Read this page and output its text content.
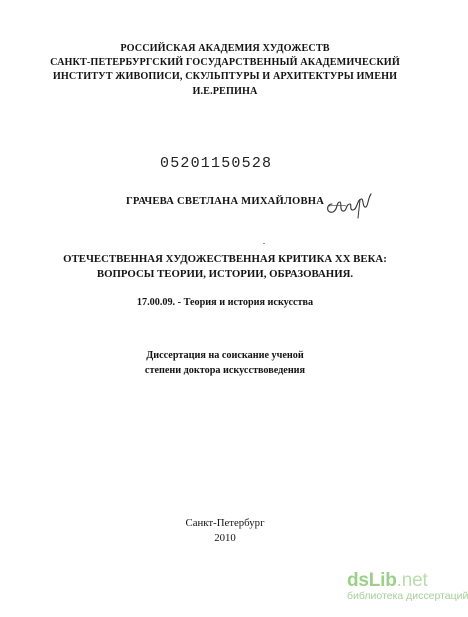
РОССИЙСКАЯ АКАДЕМИЯ ХУДОЖЕСТВ
САНКТ-ПЕТЕРБУРГСКИЙ ГОСУДАРСТВЕННЫЙ АКАДЕМИЧЕСКИЙ
ИНСТИТУТ ЖИВОПИСИ, СКУЛЬПТУРЫ И АРХИТЕКТУРЫ ИМЕНИ
И.Е.РЕПИНА
05201150528
ГРАЧЕВА СВЕТЛАНА МИХАЙЛОВНА
ОТЕЧЕСТВЕННАЯ ХУДОЖЕСТВЕННАЯ КРИТИКА XX ВЕКА:
ВОПРОСЫ ТЕОРИИ, ИСТОРИИ, ОБРАЗОВАНИЯ.
17.00.09. - Теория и история искусства
Диссертация на соискание ученой
степени доктора искусствоведения
Санкт-Петербург
2010
dsLib.net
библиотека диссертаций
